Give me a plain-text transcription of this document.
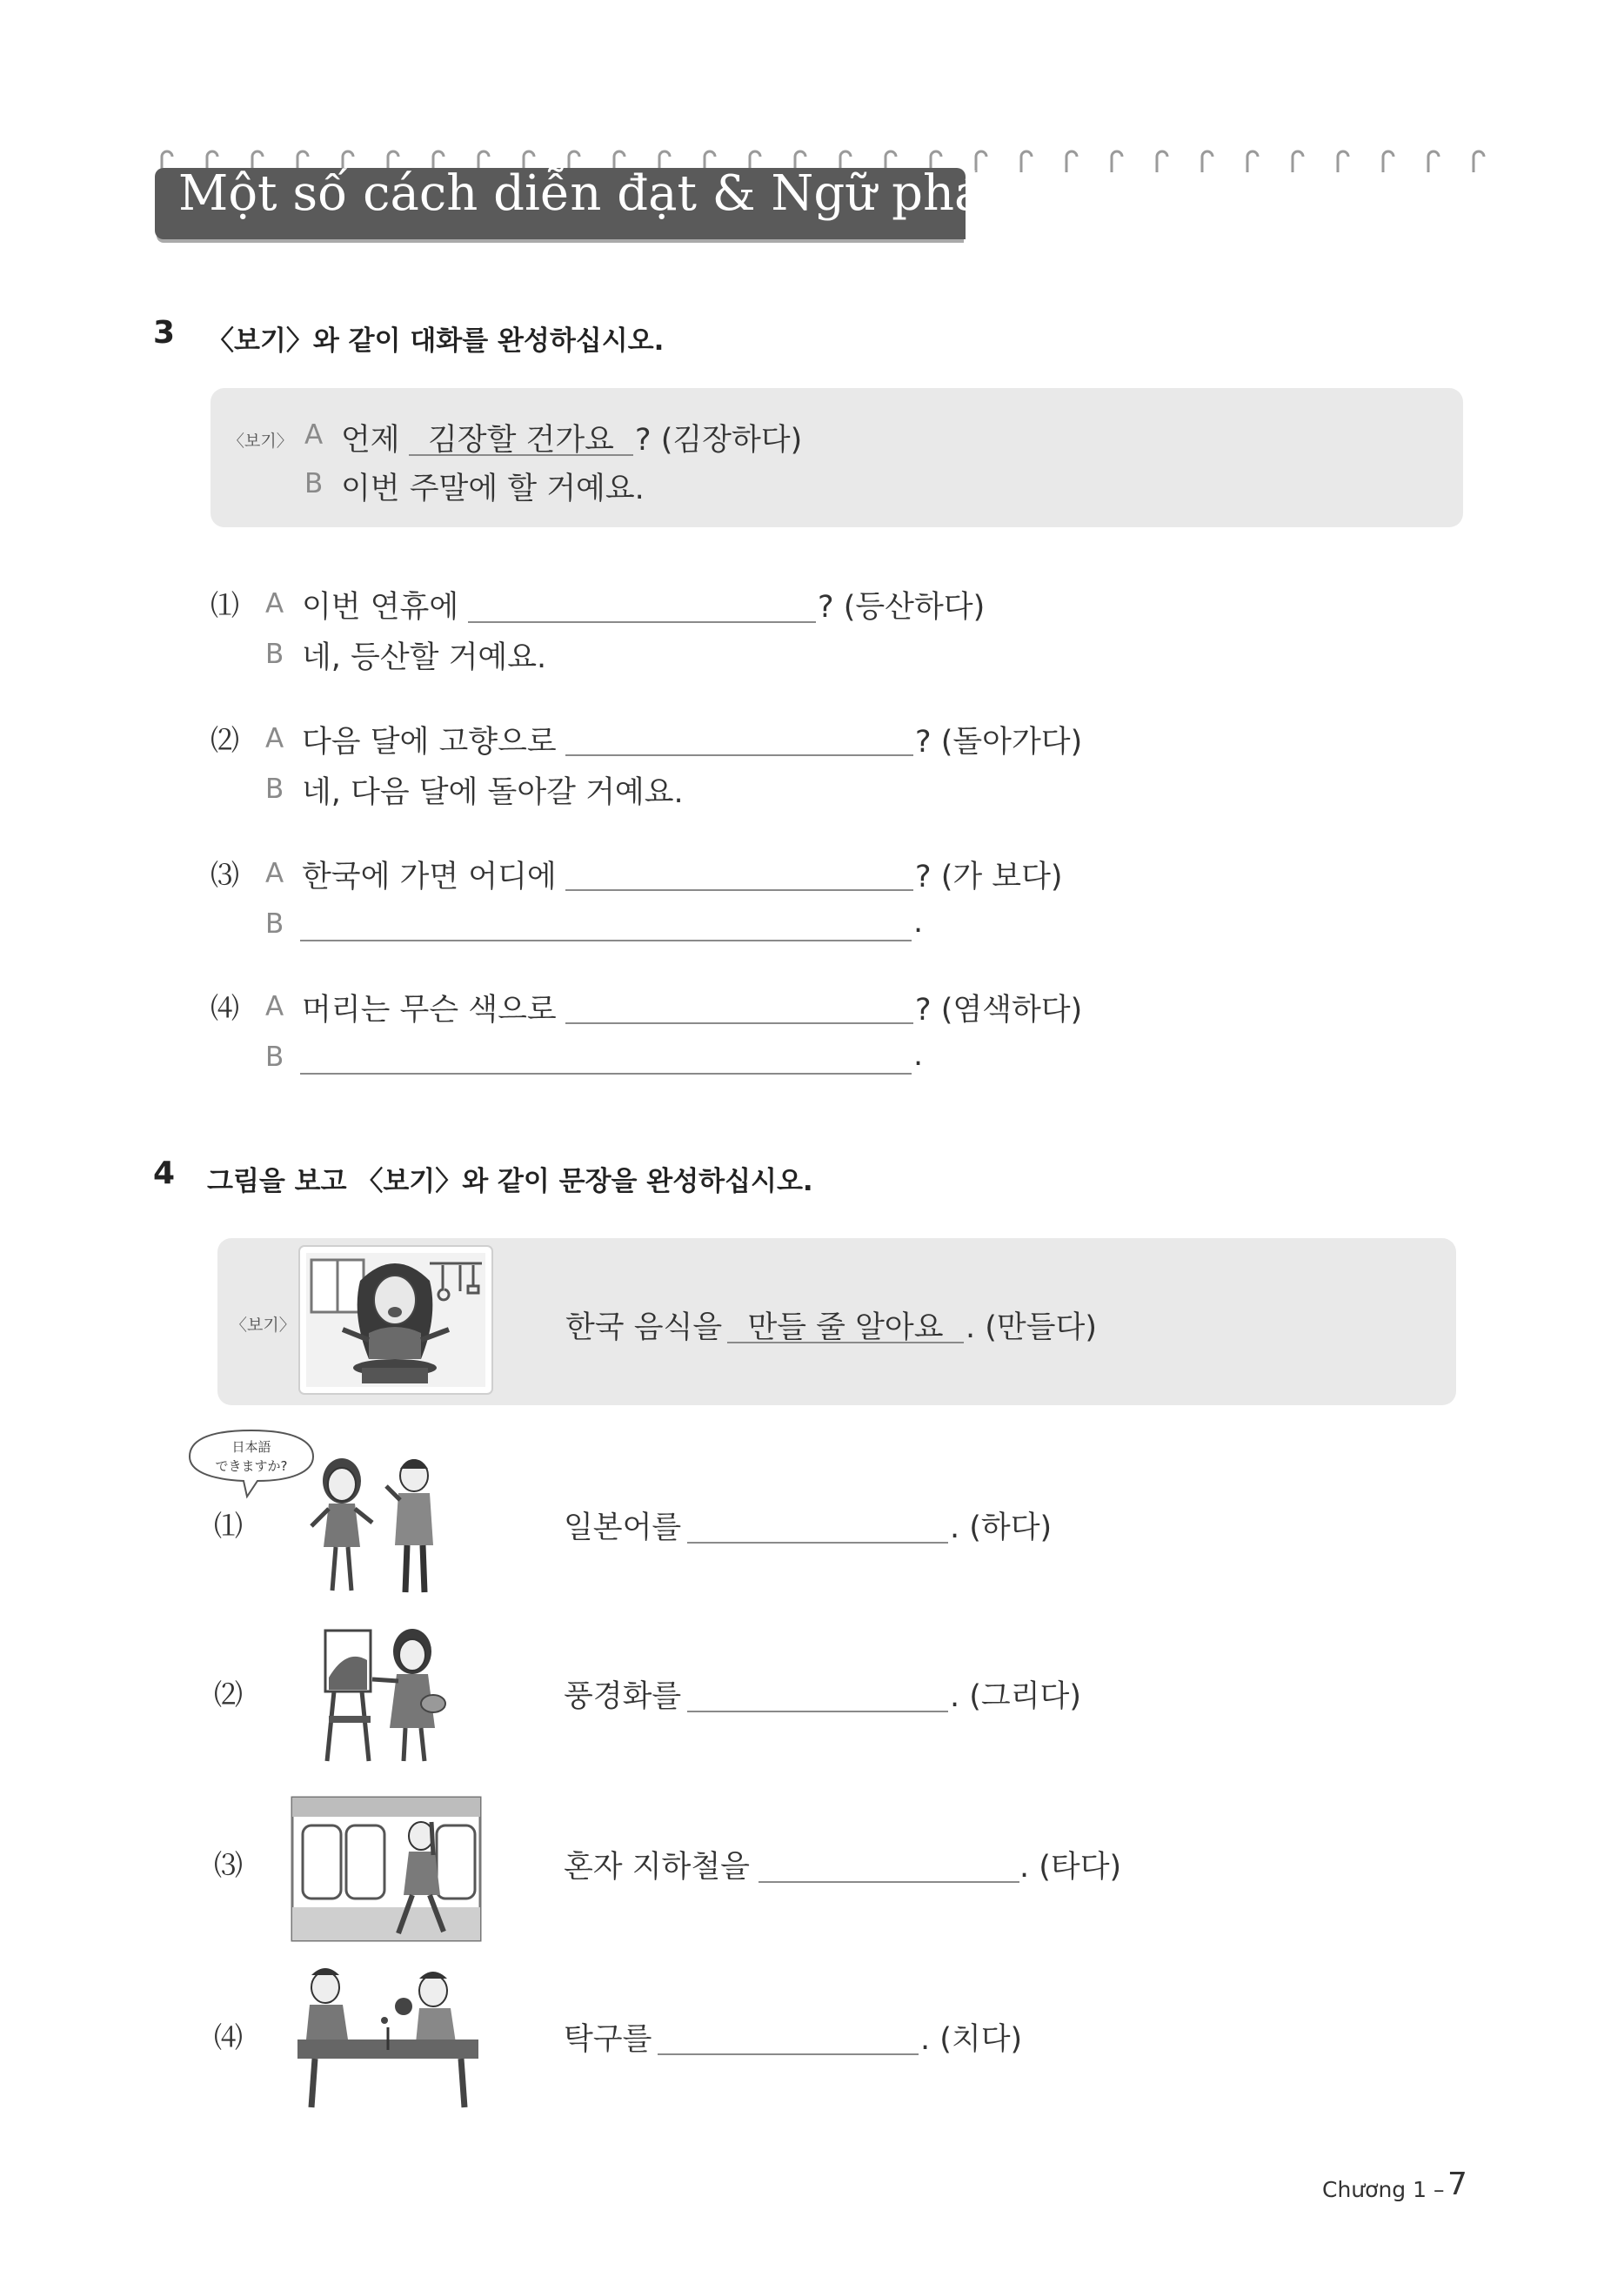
Một số cách diễn đạt & Ngữ pháp
3 〈보기〉와 같이 대화를 완성하십시오.
〈보기〉 A 언제 김장할 건가요 ? (김장하다)
B 이번 주말에 할 거예요.
⑴ A 이번 연휴에	? (등산하다)
B 네, 등산할 거예요.
⑵ A 다음 달에 고향으로	? (돌아가다)
B 네, 다음 달에 돌아갈 거예요.
⑶ A 한국에 가면 어디에	? (가 보다)
B	.
⑷ A 머리는 무슨 색으로	? (염색하다)
B	.
4 그림을 보고 〈보기〉와 같이 문장을 완성하십시오.
〈보기〉	한국 음식을 만들 줄 알아요 . (만들다)
日本語
できますか?
⑴	일본어를	. (하다)
⑵	풍경화를	. (그리다)
⑶	혼자 지하철을	. (타다)
⑷	탁구를	. (치다)
Chương 1 – 7
